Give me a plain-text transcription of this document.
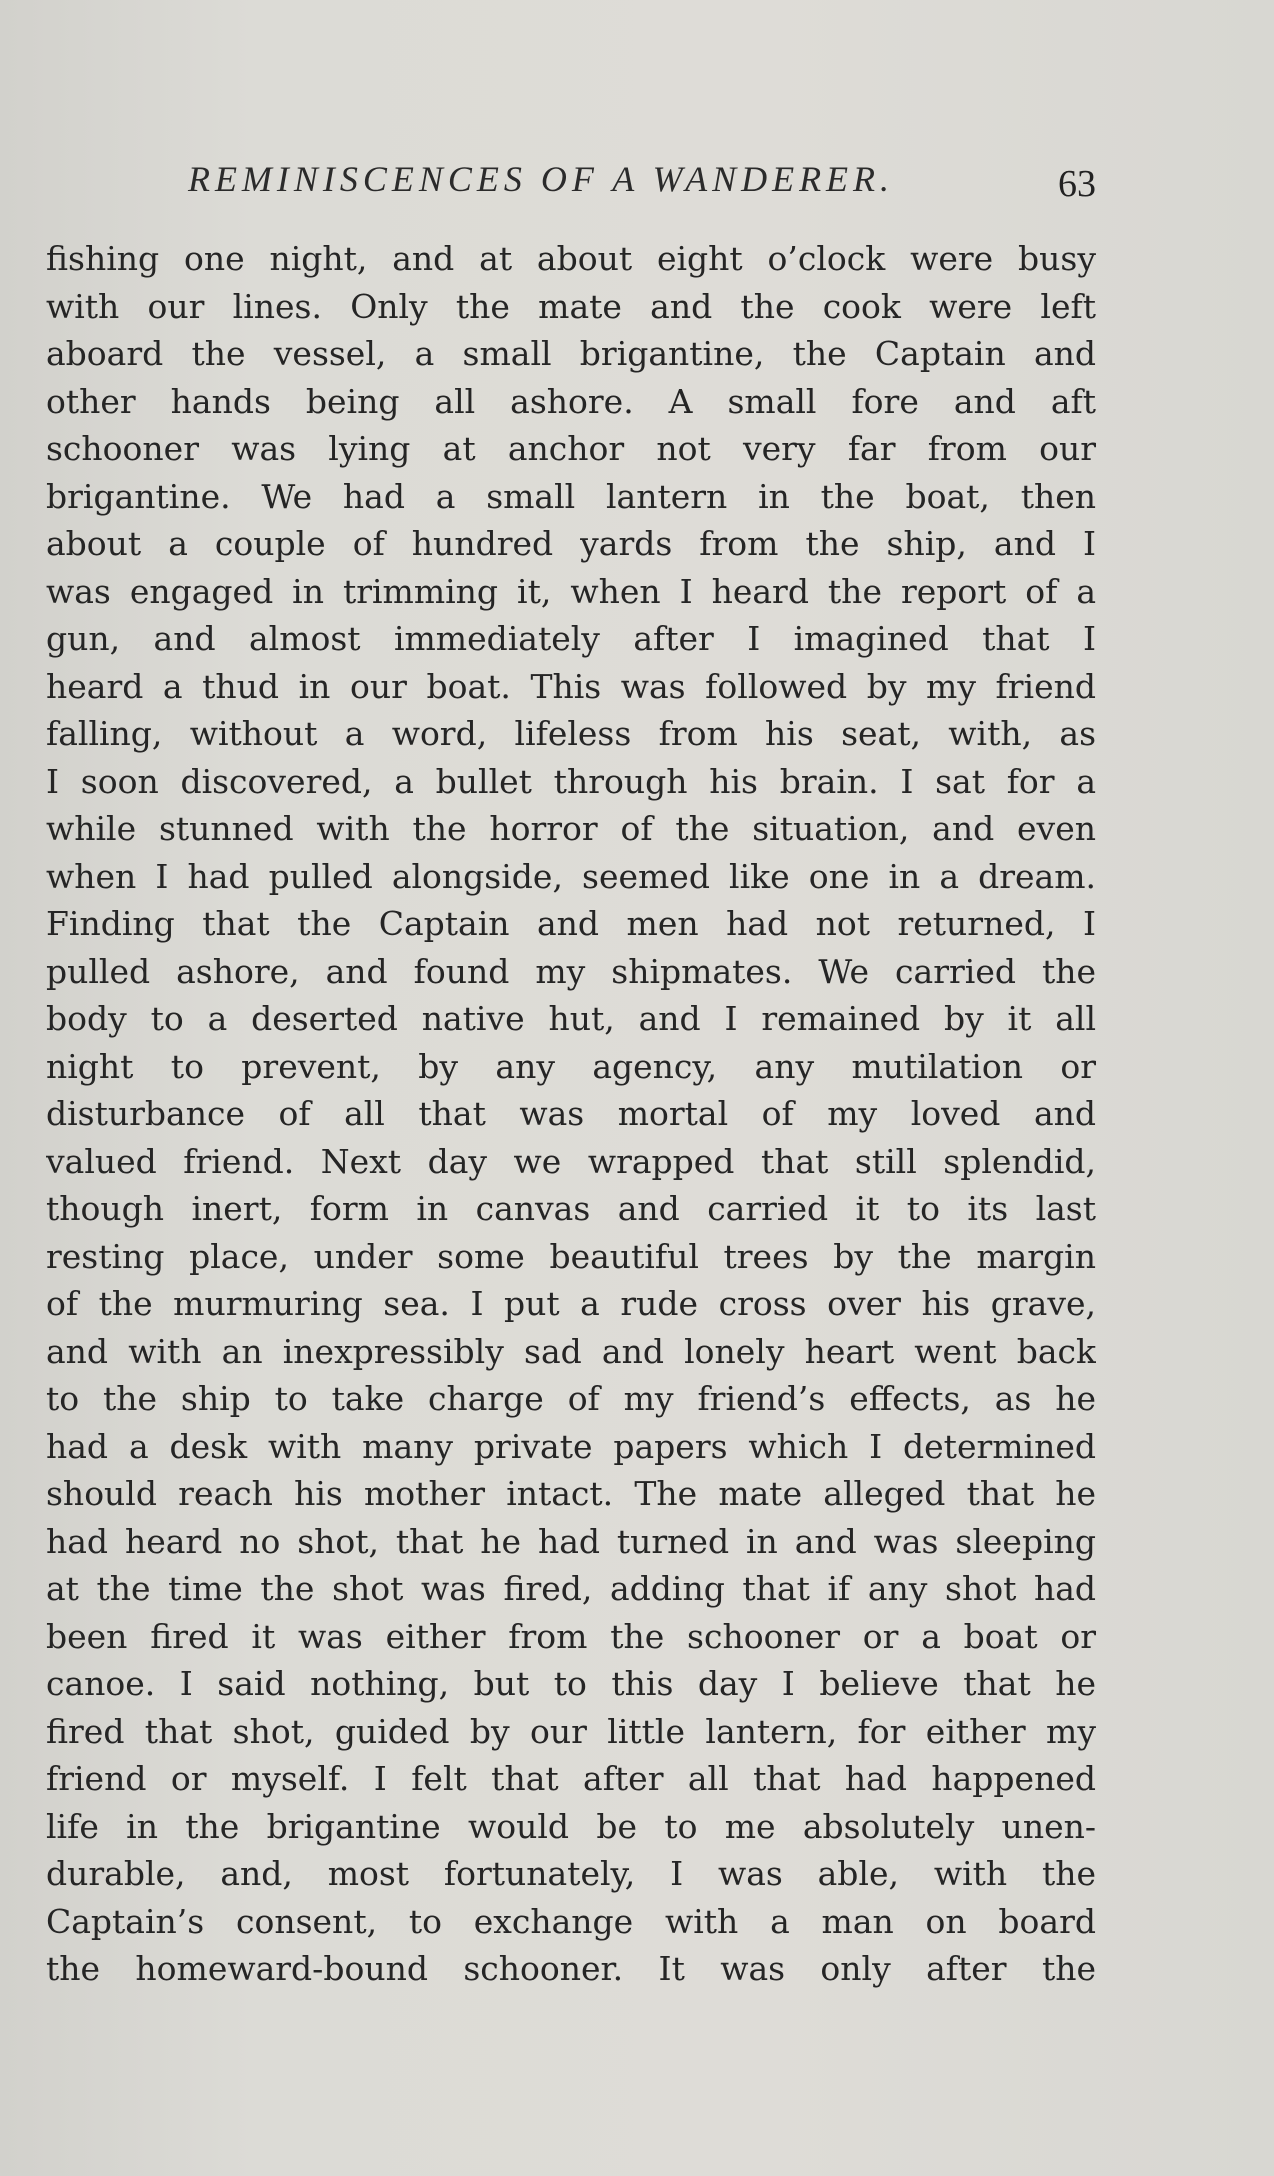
REMINISCENCES OF A WANDERER.	63
fishing one night, and at about eight o’clock were busy
with our lines. Only the mate and the cook were left
aboard the vessel, a small brigantine, the Captain and
other hands being all ashore. A small fore and aft
schooner was lying at anchor not very far from our
brigantine. We had a small lantern in the boat, then
about a couple of hundred yards from the ship, and I
was engaged in trimming it, when I heard the report of a
gun, and almost immediately after I imagined that I
heard a thud in our boat. This was followed by my friend
falling, without a word, lifeless from his seat, with, as
I soon discovered, a bullet through his brain. I sat for a
while stunned with the horror of the situation, and even
when I had pulled alongside, seemed like one in a dream.
Finding that the Captain and men had not returned, I
pulled ashore, and found my shipmates. We carried the
body to a deserted native hut, and I remained by it all
night to prevent, by any agency, any mutilation or
disturbance of all that was mortal of my loved and
valued friend. Next day we wrapped that still splendid,
though inert, form in canvas and carried it to its last
resting place, under some beautiful trees by the margin
of the murmuring sea. I put a rude cross over his grave,
and with an inexpressibly sad and lonely heart went back
to the ship to take charge of my friend’s effects, as he
had a desk with many private papers which I determined
should reach his mother intact. The mate alleged that he
had heard no shot, that he had turned in and was sleeping
at the time the shot was fired, adding that if any shot had
been fired it was either from the schooner or a boat or
canoe. I said nothing, but to this day I believe that he
fired that shot, guided by our little lantern, for either my
friend or myself. I felt that after all that had happened
life in the brigantine would be to me absolutely unen-
durable, and, most fortunately, I was able, with the
Captain’s consent, to exchange with a man on board
the homeward-bound schooner. It was only after the
